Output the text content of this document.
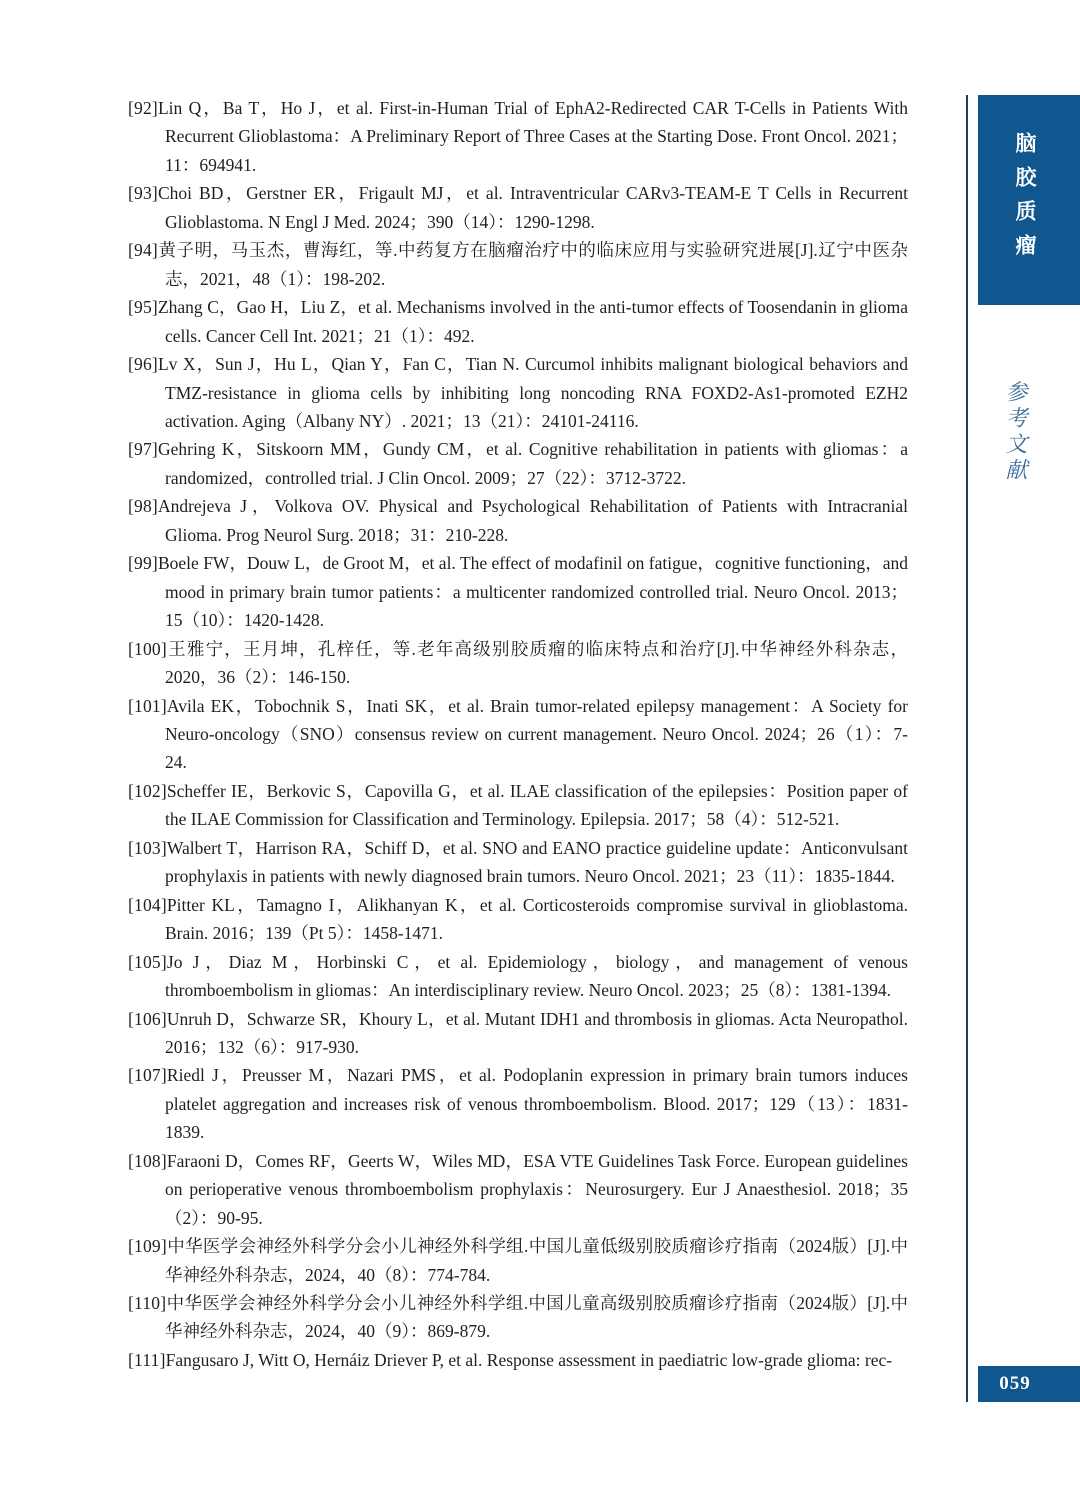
[92]Lin Q，Ba T，Ho J，et al. First-in-Human Trial of EphA2-Redirected CAR T-Cells in Patients With Recurrent Glioblastoma：A Preliminary Report of Three Cases at the Starting Dose. Front Oncol. 2021；11：694941.
[93]Choi BD，Gerstner ER，Frigault MJ，et al. Intraventricular CARv3-TEAM-E T Cells in Recurrent Glioblastoma. N Engl J Med. 2024；390（14）：1290-1298.
[94]黄子明，马玉杰，曹海红，等.中药复方在脑瘤治疗中的临床应用与实验研究进展[J].辽宁中医杂志，2021，48（1）：198-202.
[95]Zhang C，Gao H，Liu Z，et al. Mechanisms involved in the anti-tumor effects of Toosendanin in glioma cells. Cancer Cell Int. 2021；21（1）：492.
[96]Lv X，Sun J，Hu L，Qian Y，Fan C，Tian N. Curcumol inhibits malignant biological behaviors and TMZ-resistance in glioma cells by inhibiting long noncoding RNA FOXD2-As1-promoted EZH2 activation. Aging（Albany NY）. 2021；13（21）：24101-24116.
[97]Gehring K，Sitskoorn MM，Gundy CM，et al. Cognitive rehabilitation in patients with gliomas：a randomized，controlled trial. J Clin Oncol. 2009；27（22）：3712-3722.
[98]Andrejeva J，Volkova OV. Physical and Psychological Rehabilitation of Patients with Intracranial Glioma. Prog Neurol Surg. 2018；31：210-228.
[99]Boele FW，Douw L，de Groot M，et al. The effect of modafinil on fatigue，cognitive functioning，and mood in primary brain tumor patients：a multicenter randomized controlled trial. Neuro Oncol. 2013；15（10）：1420-1428.
[100]王雅宁，王月坤，孔梓任，等.老年高级别胶质瘤的临床特点和治疗[J].中华神经外科杂志，2020，36（2）：146-150.
[101]Avila EK，Tobochnik S，Inati SK，et al. Brain tumor-related epilepsy management：A Society for Neuro-oncology（SNO）consensus review on current management. Neuro Oncol. 2024；26（1）：7-24.
[102]Scheffer IE，Berkovic S，Capovilla G，et al. ILAE classification of the epilepsies：Position paper of the ILAE Commission for Classification and Terminology. Epilepsia. 2017；58（4）：512-521.
[103]Walbert T，Harrison RA，Schiff D，et al. SNO and EANO practice guideline update：Anticonvulsant prophylaxis in patients with newly diagnosed brain tumors. Neuro Oncol. 2021；23（11）：1835-1844.
[104]Pitter KL，Tamagno I，Alikhanyan K，et al. Corticosteroids compromise survival in glioblastoma. Brain. 2016；139（Pt 5）：1458-1471.
[105]Jo J，Diaz M，Horbinski C，et al. Epidemiology，biology，and management of venous thromboembolism in gliomas：An interdisciplinary review. Neuro Oncol. 2023；25（8）：1381-1394.
[106]Unruh D，Schwarze SR，Khoury L，et al. Mutant IDH1 and thrombosis in gliomas. Acta Neuropathol. 2016；132（6）：917-930.
[107]Riedl J，Preusser M，Nazari PMS，et al. Podoplanin expression in primary brain tumors induces platelet aggregation and increases risk of venous thromboembolism. Blood. 2017；129（13）：1831-1839.
[108]Faraoni D，Comes RF，Geerts W，Wiles MD，ESA VTE Guidelines Task Force. European guidelines on perioperative venous thromboembolism prophylaxis：Neurosurgery. Eur J Anaesthesiol. 2018；35（2）：90-95.
[109]中华医学会神经外科学分会小儿神经外科学组.中国儿童低级别胶质瘤诊疗指南（2024版）[J].中华神经外科杂志，2024，40（8）：774-784.
[110]中华医学会神经外科学分会小儿神经外科学组.中国儿童高级别胶质瘤诊疗指南（2024版）[J].中华神经外科杂志，2024，40（9）：869-879.
[111]Fangusaro J, Witt O, Hernáiz Driever P, et al. Response assessment in paediatric low-grade glioma: rec-
脑胶质瘤
参考文献
059
